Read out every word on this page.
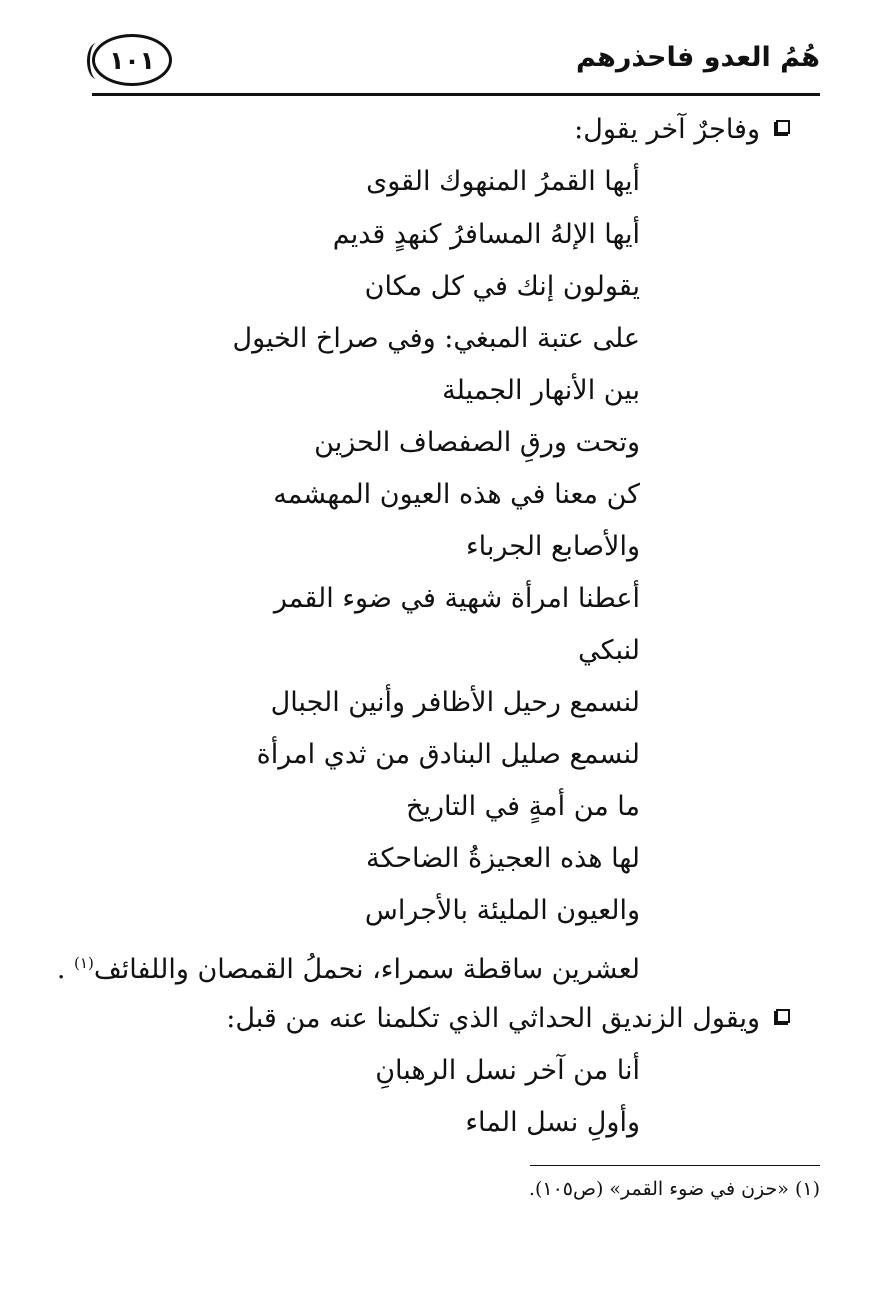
هُمُ العدو فاحذرهم
١٠١
وفاجرٌ آخر يقول:
أيها القمرُ المنهوك القوى
أيها الإلهُ المسافرُ كنهدٍ قديم
يقولون إنك في كل مكان
على عتبة المبغي: وفي صراخ الخيول
بين الأنهار الجميلة
وتحت ورقِ الصفصاف الحزين
كن معنا في هذه العيون المهشمه
والأصابع الجرباء
أعطنا امرأة شهية في ضوء القمر
لنبكي
لنسمع رحيل الأظافر وأنين الجبال
لنسمع صليل البنادق من ثدي امرأة
ما من أمةٍ في التاريخ
لها هذه العجيزةُ الضاحكة
والعيون المليئة بالأجراس
لعشرين ساقطة سمراء، نحملُ القمصان واللفائف$^{(١)}$ .
ويقول الزنديق الحداثي الذي تكلمنا عنه من قبل:
أنا من آخر نسل الرهبانِ
وأولِ نسل الماء
(١) «حزن في ضوء القمر» (ص١٠٥).
